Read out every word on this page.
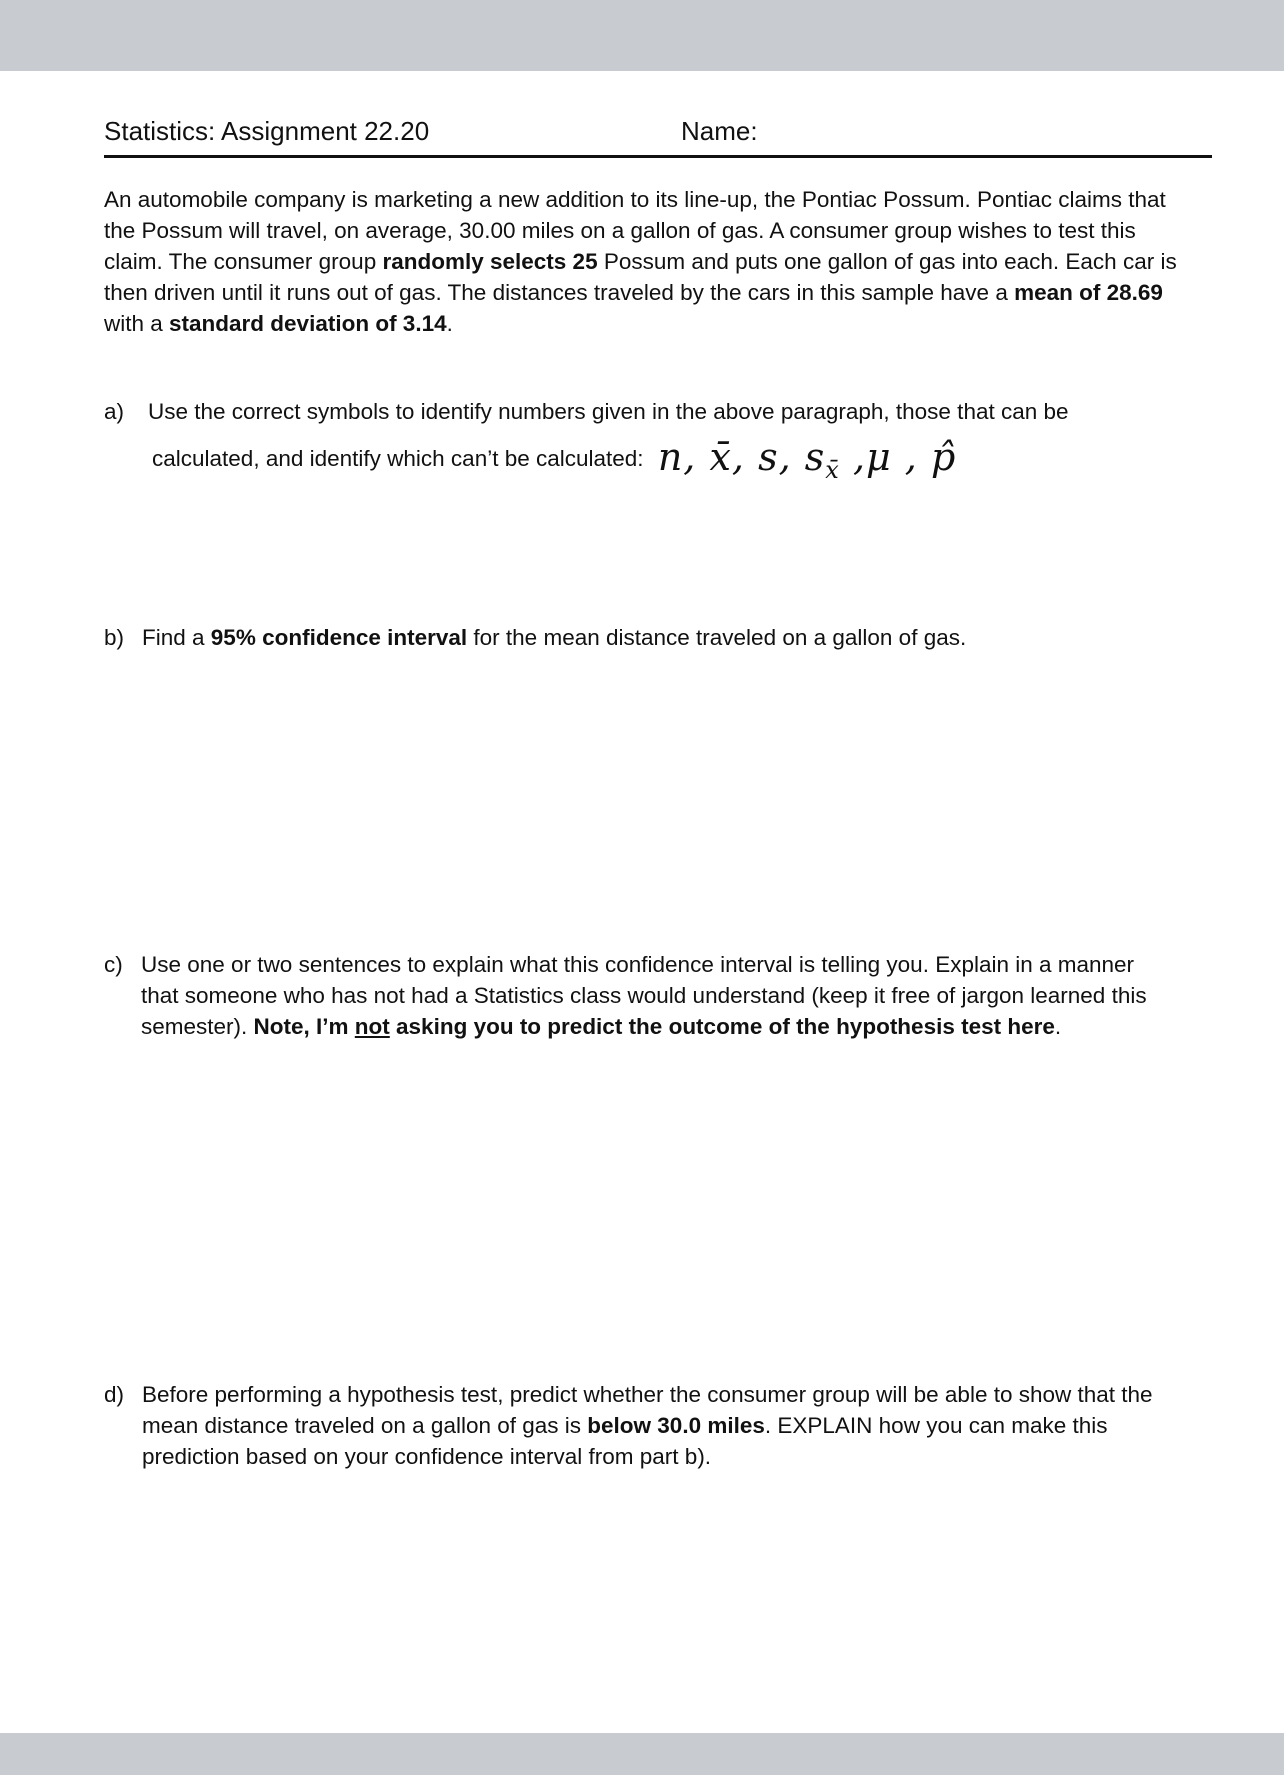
Statistics: Assignment 22.20	Name:
An automobile company is marketing a new addition to its line-up, the Pontiac Possum. Pontiac claims that
the Possum will travel, on average, 30.00 miles on a gallon of gas. A consumer group wishes to test this
claim. The consumer group randomly selects 25 Possum and puts one gallon of gas into each. Each car is
then driven until it runs out of gas. The distances traveled by the cars in this sample have a mean of 28.69
with a standard deviation of 3.14.
a) Use the correct symbols to identify numbers given in the above paragraph, those that can be
calculated, and identify which can’t be calculated: n, x̄, s, $s_{x̄}$ ,μ , p̂
b) Find a 95% confidence interval for the mean distance traveled on a gallon of gas.
c) Use one or two sentences to explain what this confidence interval is telling you. Explain in a manner
that someone who has not had a Statistics class would understand (keep it free of jargon learned this
semester). Note, I’m not asking you to predict the outcome of the hypothesis test here.
d) Before performing a hypothesis test, predict whether the consumer group will be able to show that the
mean distance traveled on a gallon of gas is below 30.0 miles. EXPLAIN how you can make this
prediction based on your confidence interval from part b).
